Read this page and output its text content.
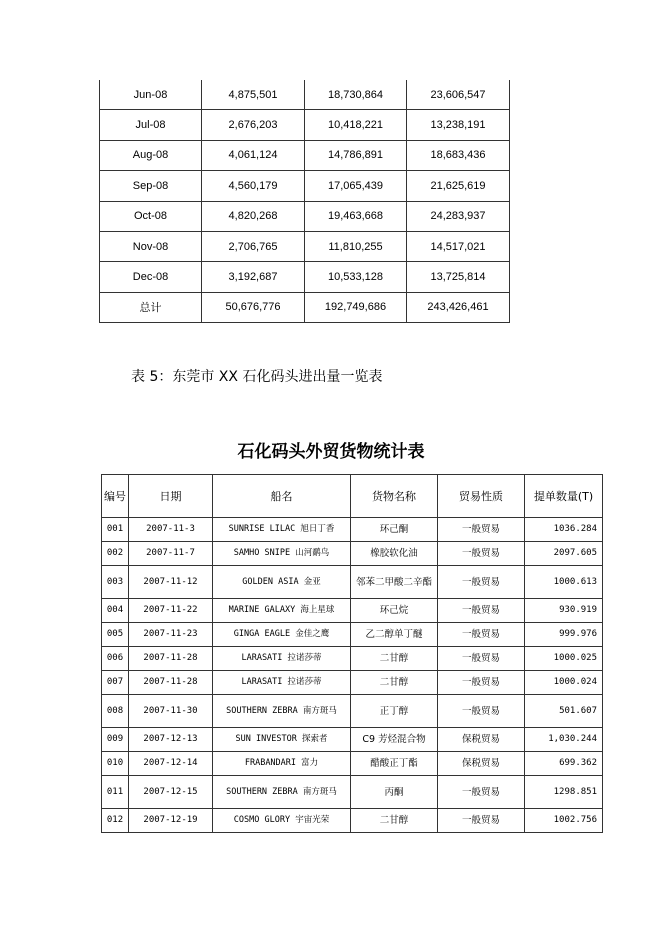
Jun-08	4,875,501	18,730,864	23,606,547
Jul-08	2,676,203	10,418,221	13,238,191
Aug-08	4,061,124	14,786,891	18,683,436
Sep-08	4,560,179	17,065,439	21,625,619
Oct-08	4,820,268	19,463,668	24,283,937
Nov-08	2,706,765	11,810,255	14,517,021
Dec-08	3,192,687	10,533,128	13,725,814
总计	50,676,776	192,749,686	243,426,461
表 5：东莞市 XX 石化码头进出量一览表
石化码头外贸货物统计表
编号	日期	船名	货物名称	贸易性质	提单数量(T)
001	2007-11-3	SUNRISE LILAC 旭日丁香	环己酮	一般贸易	1036.284
002	2007-11-7	SAMHO SNIPE 山河鹬鸟	橡胶软化油	一般贸易	2097.605
003	2007-11-12	GOLDEN ASIA 金亚	邻苯二甲酸二辛酯	一般贸易	1000.613
004	2007-11-22	MARINE GALAXY 海上星球	环己烷	一般贸易	930.919
005	2007-11-23	GINGA EAGLE 金佳之鹰	乙二醇单丁醚	一般贸易	999.976
006	2007-11-28	LARASATI 拉诺莎蒂	二甘醇	一般贸易	1000.025
007	2007-11-28	LARASATI 拉诺莎蒂	二甘醇	一般贸易	1000.024
008	2007-11-30	SOUTHERN ZEBRA 南方斑马	正丁醇	一般贸易	501.607
009	2007-12-13	SUN INVESTOR 探索者	C9 芳烃混合物	保税贸易	1,030.244
010	2007-12-14	FRABANDARI 富力	醋酸正丁酯	保税贸易	699.362
011	2007-12-15	SOUTHERN ZEBRA 南方斑马	丙酮	一般贸易	1298.851
012	2007-12-19	COSMO GLORY 宇宙光荣	二甘醇	一般贸易	1002.756
